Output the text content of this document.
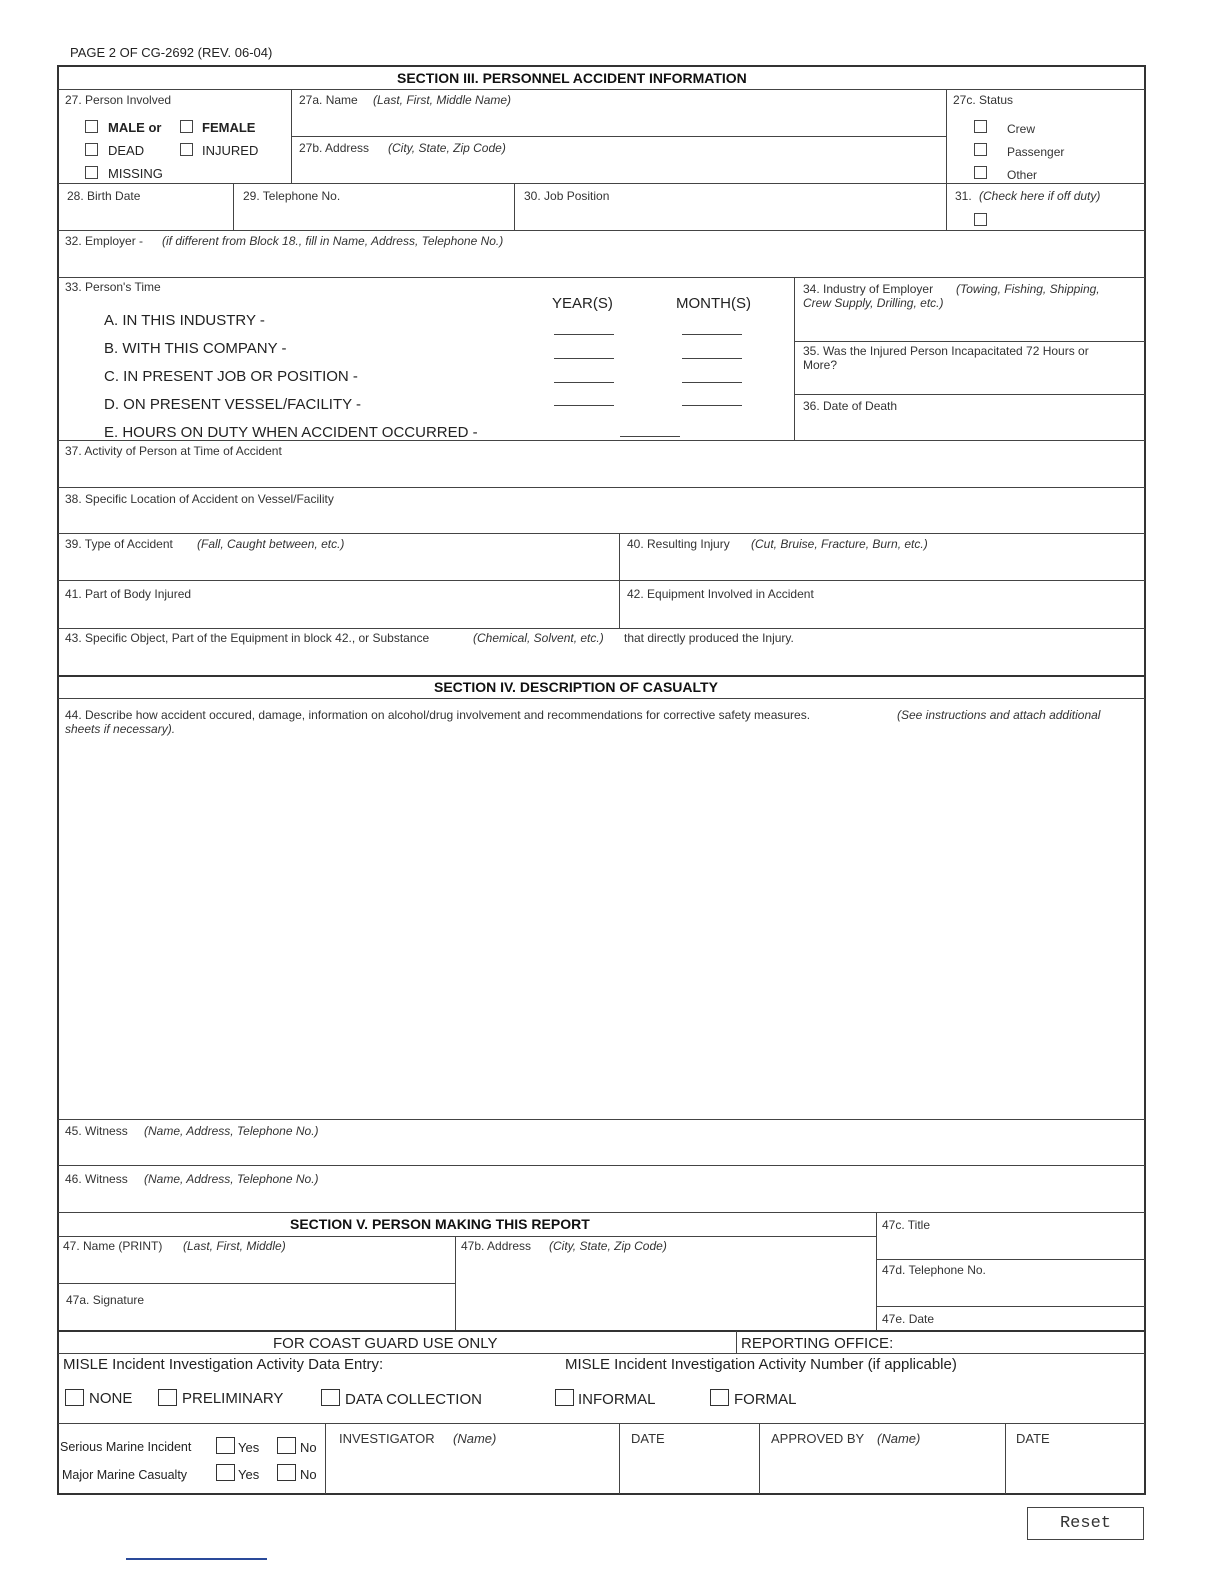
PAGE 2 OF CG-2692 (REV. 06-04)
SECTION III. PERSONNEL ACCIDENT INFORMATION
27. Person Involved
MALE or	FEMALE
DEAD	INJURED
MISSING
27a. Name (Last, First, Middle Name)
27b. Address (City, State, Zip Code)
27c. Status
Crew
Passenger
Other
28. Birth Date	29. Telephone No.	30. Job Position	31. (Check here if off duty)
32. Employer - (if different from Block 18., fill in Name, Address, Telephone No.)
33. Person's Time
YEAR(S)	MONTH(S)
A. IN THIS INDUSTRY -
B. WITH THIS COMPANY -
C. IN PRESENT JOB OR POSITION -
D. ON PRESENT VESSEL/FACILITY -
E. HOURS ON DUTY WHEN ACCIDENT OCCURRED -
34. Industry of Employer (Towing, Fishing, Shipping,
Crew Supply, Drilling, etc.)
35. Was the Injured Person Incapacitated 72 Hours or
More?
36. Date of Death
37. Activity of Person at Time of Accident
38. Specific Location of Accident on Vessel/Facility
39. Type of Accident (Fall, Caught between, etc.)	40. Resulting Injury (Cut, Bruise, Fracture, Burn, etc.)
41. Part of Body Injured	42. Equipment Involved in Accident
43. Specific Object, Part of the Equipment in block 42., or Substance	(Chemical, Solvent, etc.) that directly produced the Injury.
SECTION IV. DESCRIPTION OF CASUALTY
44. Describe how accident occured, damage, information on alcohol/drug involvement and recommendations for corrective safety measures.	(See instructions and attach additional
sheets if necessary).
45. Witness (Name, Address, Telephone No.)
46. Witness (Name, Address, Telephone No.)
SECTION V. PERSON MAKING THIS REPORT
47. Name (PRINT) (Last, First, Middle)
47a. Signature
47b. Address (City, State, Zip Code)
47c. Title
47d. Telephone No.
47e. Date
FOR COAST GUARD USE ONLY	REPORTING OFFICE:
MISLE Incident Investigation Activity Data Entry:	MISLE Incident Investigation Activity Number (if applicable)
NONE	PRELIMINARY	DATA COLLECTION	INFORMAL	FORMAL
Serious Marine Incident	Yes	No
Major Marine Casualty	Yes	No
INVESTIGATOR (Name)	DATE	APPROVED BY (Name)	DATE
Reset
